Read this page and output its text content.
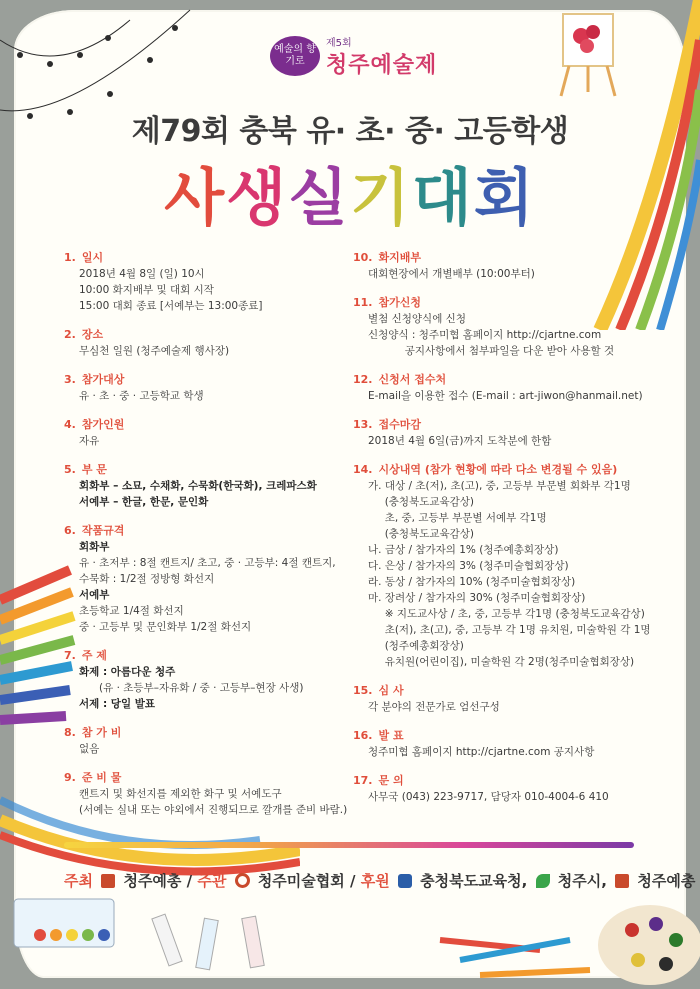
예술의 향기로
제5회
청주예술제
제79회 충북 유· 초· 중· 고등학생
사생실기대회
1. 일시
2018년 4월 8일 (일) 10시
10:00 화지배부 및 대회 시작
15:00 대회 종료 [서예부는 13:00종료]
2. 장소
무심천 일원 (청주예술제 행사장)
3. 참가대상
유 · 초 · 중 · 고등학교 학생
4. 참가인원
자유
5. 부 문
회화부 – 소묘, 수채화, 수묵화(한국화), 크레파스화
서예부 – 한글, 한문, 문인화
6. 작품규격
회화부
유 · 초저부 : 8절 캔트지/ 초고, 중 · 고등부: 4절 캔트지,
수묵화 : 1/2절 정방형 화선지
서예부
초등학교 1/4절 화선지
중 · 고등부 및 문인화부 1/2절 화선지
7. 주 제
화제 : 아름다운 청주
(유 · 초등부–자유화 / 중 · 고등부–현장 사생)
서제 : 당일 발표
8. 참 가 비
없음
9. 준 비 물
캔트지 및 화선지를 제외한 화구 및 서예도구
(서예는 실내 또는 야외에서 진행되므로 깔개를 준비 바람.)
10. 화지배부
대회현장에서 개별배부 (10:00부터)
11. 참가신청
별첨 신청양식에 신청
신청양식 : 청주미협 홈페이지 http://cjartne.com
공지사항에서 첨부파일을 다운 받아 사용할 것
12. 신청서 접수처
E-mail을 이용한 접수 (E-mail : art-jiwon@hanmail.net)
13. 접수마감
2018년 4월 6일(금)까지 도착분에 한함
14. 시상내역 (참가 현황에 따라 다소 변경될 수 있음)
가. 대상 / 초(저), 초(고), 중, 고등부 부문별 회화부 각1명
(충청북도교육감상)
초, 중, 고등부 부문별 서예부 각1명
(충청북도교육감상)
나. 금상 / 참가자의 1% (청주예총회장상)
다. 은상 / 참가자의 3% (청주미술협회장상)
라. 동상 / 참가자의 10% (청주미술협회장상)
마. 장려상 / 참가자의 30% (청주미술협회장상)
※ 지도교사상 / 초, 중, 고등부 각1명 (충청북도교육감상)
초(저), 초(고), 중, 고등부 각 1명 유치원, 미술학원 각 1명
(청주예총회장상)
유치원(어린이집), 미술학원 각 2명(청주미술협회장상)
15. 심 사
각 분야의 전문가로 엄선구성
16. 발 표
청주미협 홈페이지 http://cjartne.com 공지사항
17. 문 의
사무국 (043) 223-9717, 담당자 010-4004-6 410
주최 청주예총 / 주관 청주미술협회 / 후원 충청북도교육청, 청주시, 청주예총
